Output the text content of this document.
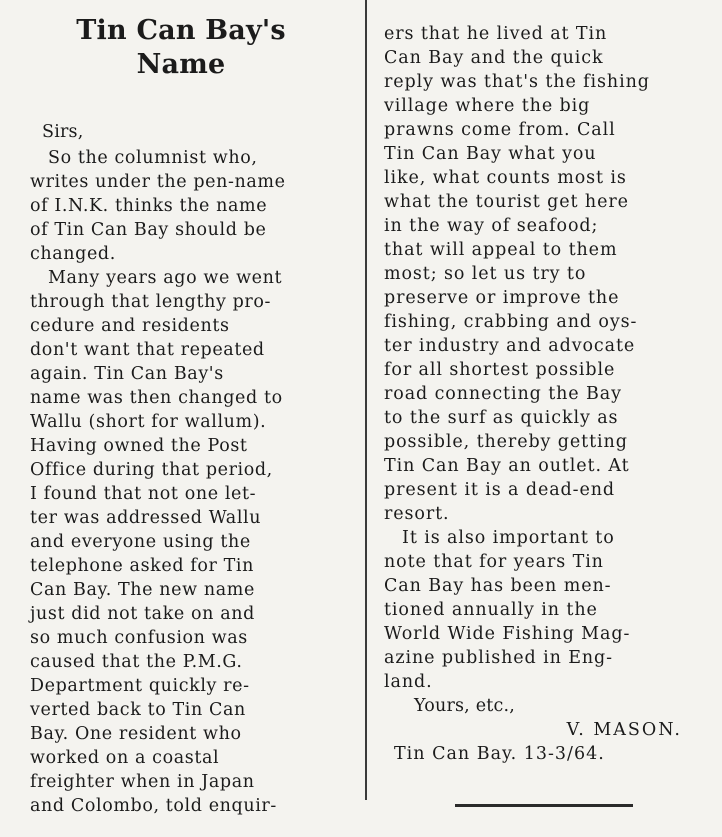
Tin Can Bay's
Name
Sirs,
So the columnist who,
writes under the pen-name
of I.N.K. thinks the name
of Tin Can Bay should be
changed.
Many years ago we went
through that lengthy pro-
cedure and residents
don't want that repeated
again. Tin Can Bay's
name was then changed to
Wallu (short for wallum).
Having owned the Post
Office during that period,
I found that not one let-
ter was addressed Wallu
and everyone using the
telephone asked for Tin
Can Bay. The new name
just did not take on and
so much confusion was
caused that the P.M.G.
Department quickly re-
verted back to Tin Can
Bay. One resident who
worked on a coastal
freighter when in Japan
and Colombo, told enquir-
ers that he lived at Tin
Can Bay and the quick
reply was that's the fishing
village where the big
prawns come from. Call
Tin Can Bay what you
like, what counts most is
what the tourist get here
in the way of seafood;
that will appeal to them
most; so let us try to
preserve or improve the
fishing, crabbing and oys-
ter industry and advocate
for all shortest possible
road connecting the Bay
to the surf as quickly as
possible, thereby getting
Tin Can Bay an outlet. At
present it is a dead-end
resort.
It is also important to
note that for years Tin
Can Bay has been men-
tioned annually in the
World Wide Fishing Mag-
azine published in Eng-
land.
Yours, etc.,
V. MASON.
Tin Can Bay. 13-3/64.
